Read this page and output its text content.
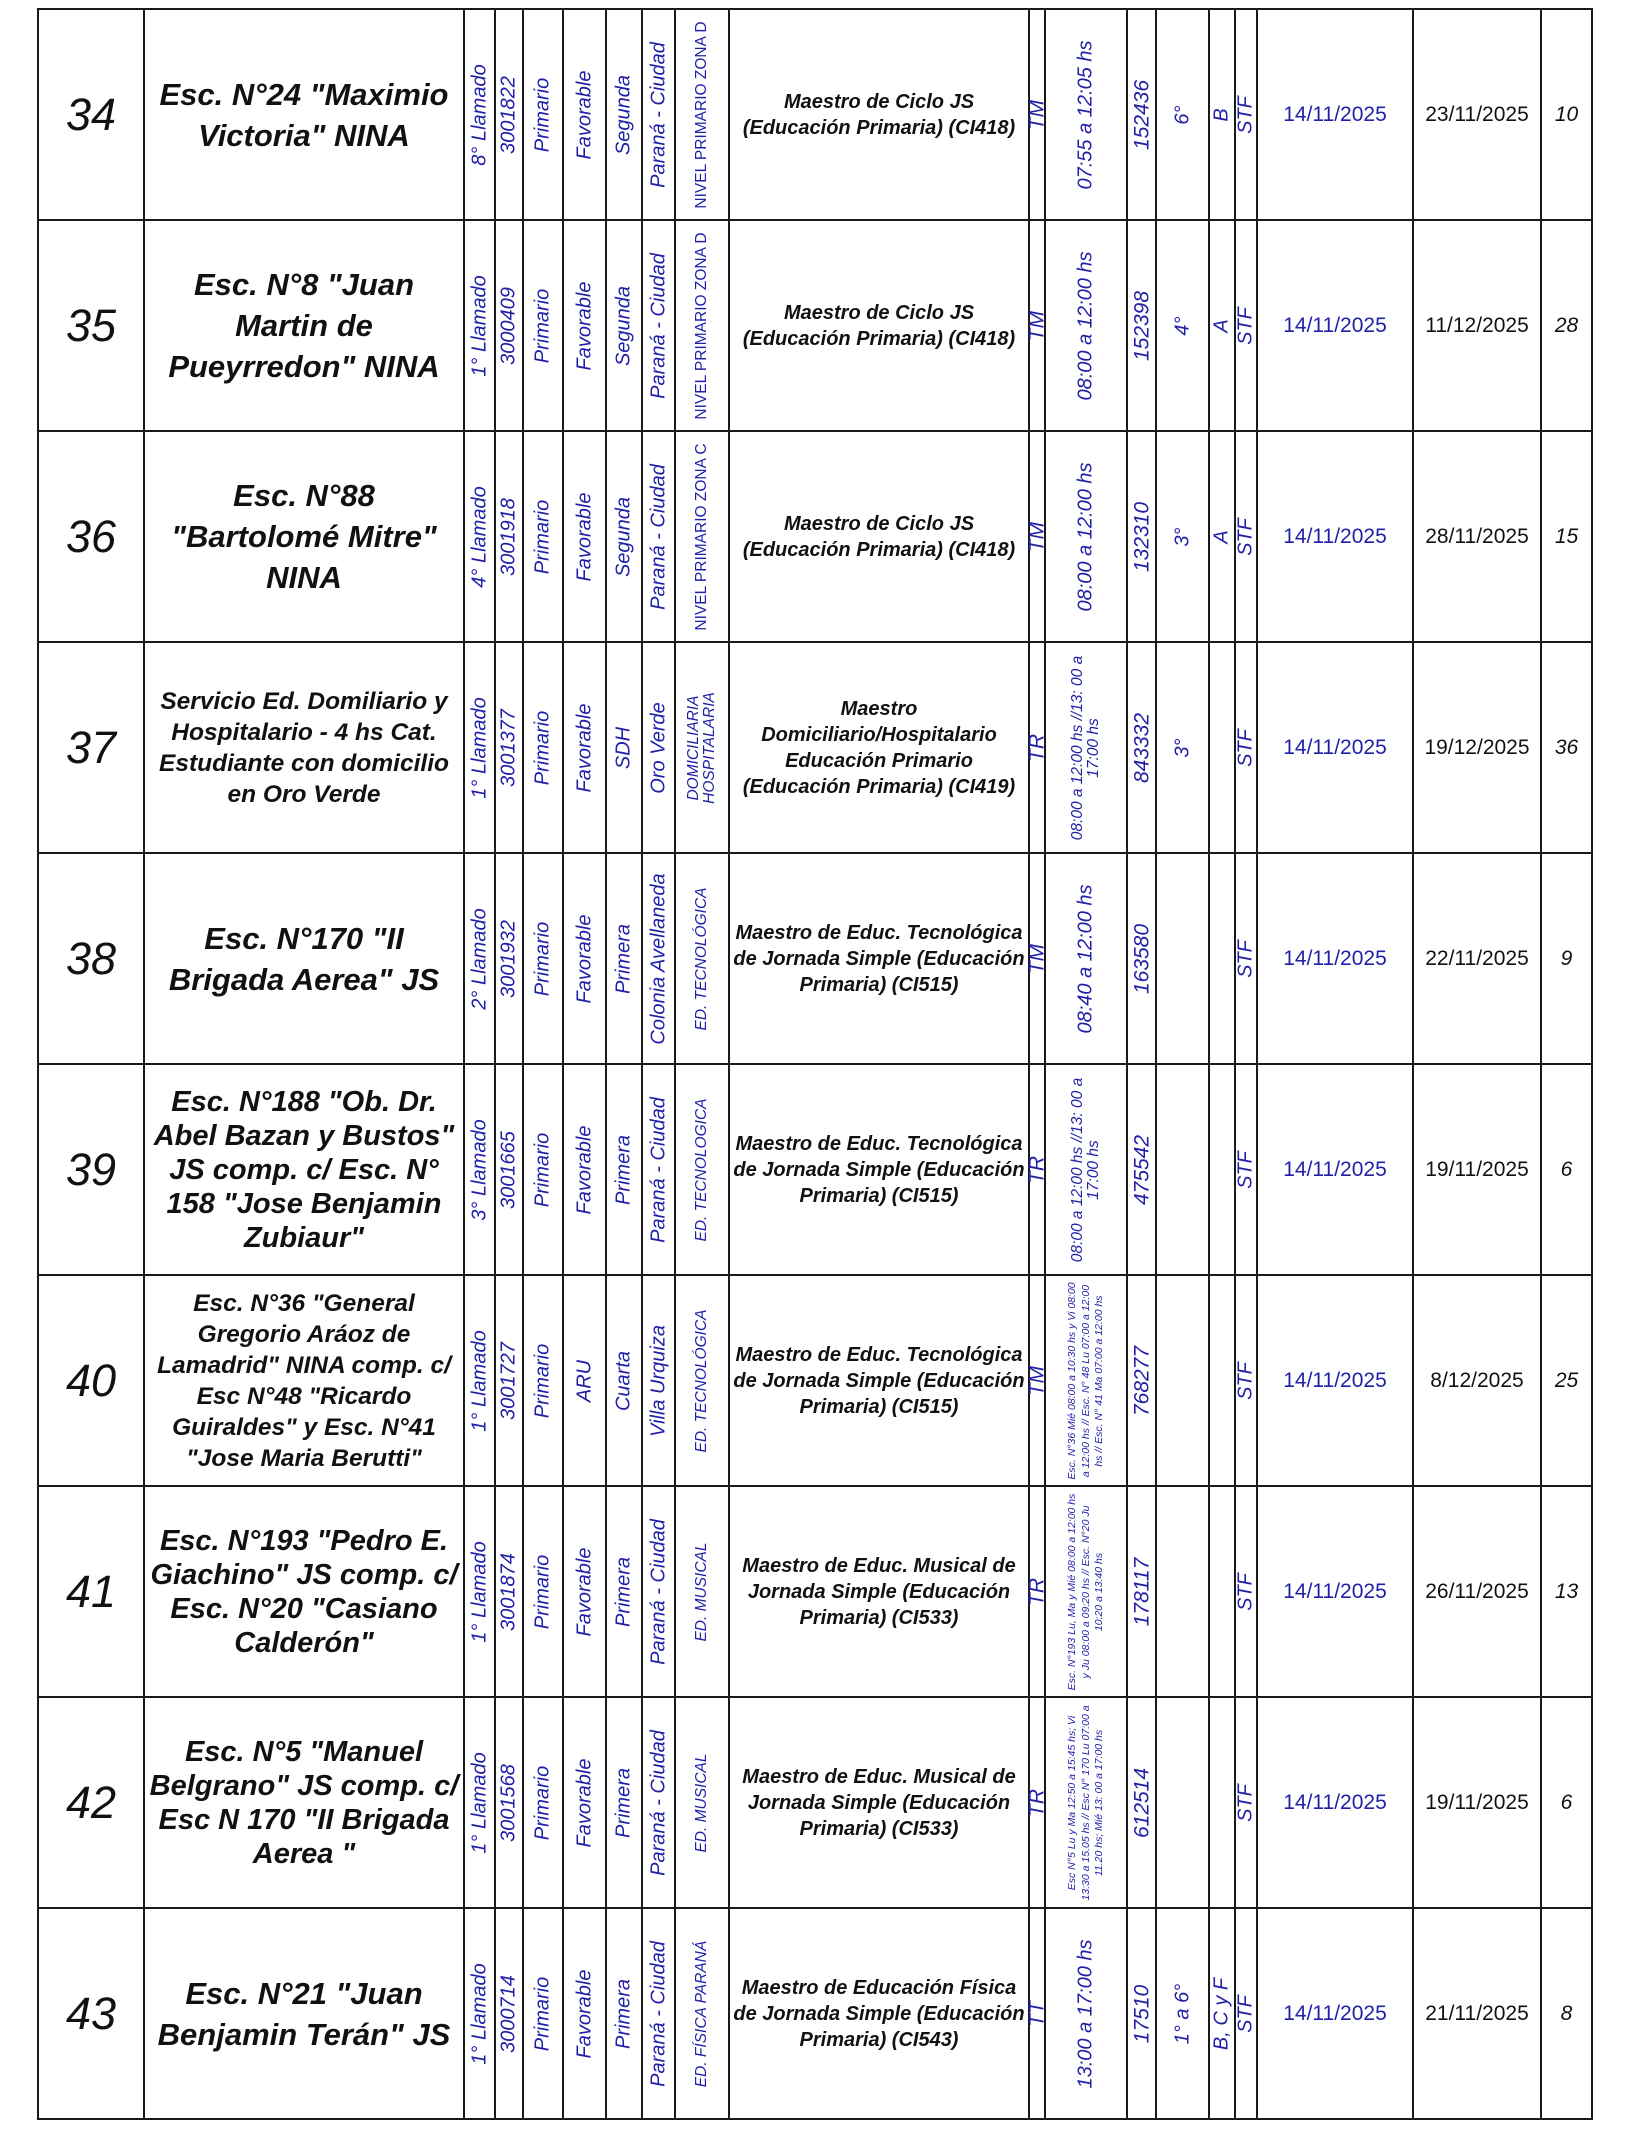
34	Esc. N°24 "Maximio Victoria" NINA	8° Llamado	3001822	Primario	Favorable	Segunda	Paraná - Ciudad	NIVEL PRIMARIO ZONA D	Maestro de Ciclo JS (Educación Primaria) (CI418)	TM	07:55 a 12:05 hs	152436	6°	B	STF	14/11/2025	23/11/2025	10
35	Esc. N°8 "Juan Martin de Pueyrredon" NINA	1° Llamado	3000409	Primario	Favorable	Segunda	Paraná - Ciudad	NIVEL PRIMARIO ZONA D	Maestro de Ciclo JS (Educación Primaria) (CI418)	TM	08:00 a 12:00 hs	152398	4°	A	STF	14/11/2025	11/12/2025	28
36	Esc. N°88 "Bartolomé Mitre" NINA	4° Llamado	3001918	Primario	Favorable	Segunda	Paraná - Ciudad	NIVEL PRIMARIO ZONA C	Maestro de Ciclo JS (Educación Primaria) (CI418)	TM	08:00 a 12:00 hs	132310	3°	A	STF	14/11/2025	28/11/2025	15
37	Servicio Ed. Domiliario y Hospitalario - 4 hs Cat. Estudiante con domicilio en Oro Verde	1° Llamado	3001377	Primario	Favorable	SDH	Oro Verde	DOMICILIARIA HOSPITALARIA	Maestro Domiciliario/Hospitalario Educación Primario (Educación Primaria) (CI419)	TR	08:00 a 12:00 hs //13: 00 a 17:00 hs	843332	3°		STF	14/11/2025	19/12/2025	36
38	Esc. N°170 "II Brigada Aerea" JS	2° Llamado	3001932	Primario	Favorable	Primera	Colonia Avellaneda	ED. TECNOLÓGICA	Maestro de Educ. Tecnológica de Jornada Simple (Educación Primaria) (CI515)	TM	08:40 a 12:00 hs	163580			STF	14/11/2025	22/11/2025	9
39	Esc. N°188 "Ob. Dr. Abel Bazan y Bustos" JS comp. c/ Esc. N° 158 "Jose Benjamin Zubiaur"	3° Llamado	3001665	Primario	Favorable	Primera	Paraná - Ciudad	ED. TECNOLOGICA	Maestro de Educ. Tecnológica de Jornada Simple (Educación Primaria) (CI515)	TR	08:00 a 12:00 hs //13: 00 a 17:00 hs	475542			STF	14/11/2025	19/11/2025	6
40	Esc. N°36 "General Gregorio Aráoz de Lamadrid" NINA comp. c/ Esc N°48 "Ricardo Guiraldes" y Esc. N°41 "Jose Maria Berutti"	1° Llamado	3001727	Primario	ARU	Cuarta	Villa Urquiza	ED. TECNOLÓGICA	Maestro de Educ. Tecnológica de Jornada Simple (Educación Primaria) (CI515)	TM	Esc. N°36 Mié 08:00 a 10:30 hs y Vi 08:00 a 12:00 hs // Esc. N° 48 Lu 07:00 a 12:00 hs // Esc. N° 41 Ma 07:00 a 12:00 hs	768277			STF	14/11/2025	8/12/2025	25
41	Esc. N°193 "Pedro E. Giachino" JS comp. c/ Esc. N°20 "Casiano Calderón"	1° Llamado	3001874	Primario	Favorable	Primera	Paraná - Ciudad	ED. MUSICAL	Maestro de Educ. Musical de Jornada Simple (Educación Primaria) (CI533)	TR	Esc. N°193 Lu, Ma y Mié 08:00 a 12:00 hs y Ju 08:00 a 09:20 hs // Esc. N°20 Ju 10:20 a 13:40 hs	178117			STF	14/11/2025	26/11/2025	13
42	Esc. N°5 "Manuel Belgrano" JS comp. c/ Esc N 170 "II Brigada Aerea "	1° Llamado	3001568	Primario	Favorable	Primera	Paraná - Ciudad	ED. MUSICAL	Maestro de Educ. Musical de Jornada Simple (Educación Primaria) (CI533)	TR	Esc N°5 Lu y Ma 12:50 a 15:45 hs; Vi 13:30 a 15.05 hs // Esc N° 170 Lu 07:00 a 11.20 hs; Mié 13: 00 a 17:00 hs	612514			STF	14/11/2025	19/11/2025	6
43	Esc. N°21 "Juan Benjamin Terán" JS	1° Llamado	3000714	Primario	Favorable	Primera	Paraná - Ciudad	ED. FÍSICA PARANÁ	Maestro de Educación Física de Jornada Simple (Educación Primaria) (CI543)	TT	13:00 a 17:00 hs	17510	1° a 6°	B, C y F	STF	14/11/2025	21/11/2025	8
